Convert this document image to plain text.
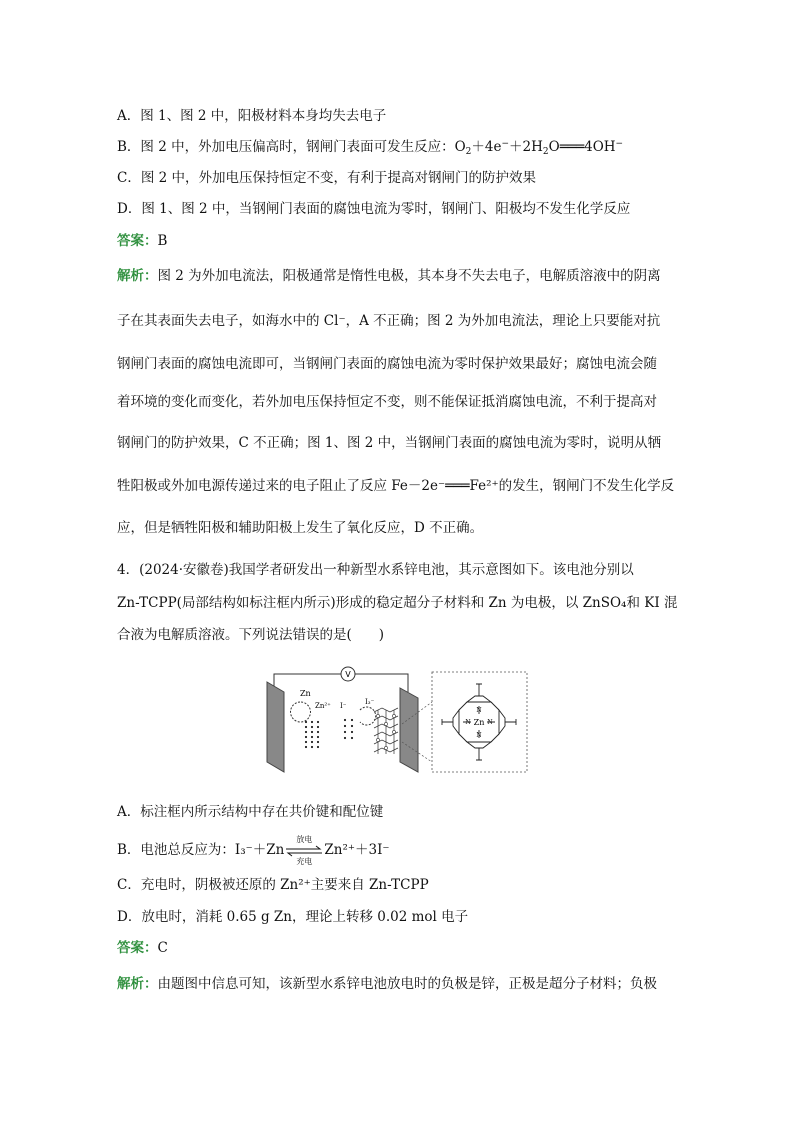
A．图 1、图 2 中，阳极材料本身均失去电子
B．图 2 中，外加电压偏高时，钢闸门表面可发生反应：$O_2+4e^-+2H_2O═══4OH^-$
C．图 2 中，外加电压保持恒定不变，有利于提高对钢闸门的防护效果
D．图 1、图 2 中，当钢闸门表面的腐蚀电流为零时，钢闸门、阳极均不发生化学反应
答案：B
解析：图 2 为外加电流法，阳极通常是惰性电极，其本身不失去电子，电解质溶液中的阴离
子在其表面失去电子，如海水中的 Cl⁻，A 不正确；图 2 为外加电流法，理论上只要能对抗
钢闸门表面的腐蚀电流即可，当钢闸门表面的腐蚀电流为零时保护效果最好；腐蚀电流会随
着环境的变化而变化，若外加电压保持恒定不变，则不能保证抵消腐蚀电流，不利于提高对
钢闸门的防护效果，C 不正确；图 1、图 2 中，当钢闸门表面的腐蚀电流为零时，说明从牺
牲阳极或外加电源传递过来的电子阻止了反应 Fe－2e⁻═══Fe²⁺的发生，钢闸门不发生化学反
应，但是牺牲阳极和辅助阳极上发生了氧化反应，D 不正确。
4．(2024·安徽卷)我国学者研发出一种新型水系锌电池，其示意图如下。该电池分别以
Zn-TCPP(局部结构如标注框内所示)形成的稳定超分子材料和 Zn 为电极，以 ZnSO₄和 KI 混
合液为电解质溶液。下列说法错误的是(　　)
V
Zn
Zn²⁺ I⁻	I₃⁻
Zn
N
N
N	N
A．标注框内所示结构中存在共价键和配位键
B．电池总反应为：I₃⁻＋Zn
放电
充电
Zn²⁺＋3I⁻
C．充电时，阴极被还原的 Zn²⁺主要来自 Zn-TCPP
D．放电时，消耗 0.65 g Zn，理论上转移 0.02 mol 电子
答案：C
解析：由题图中信息可知，该新型水系锌电池放电时的负极是锌，正极是超分子材料；负极
